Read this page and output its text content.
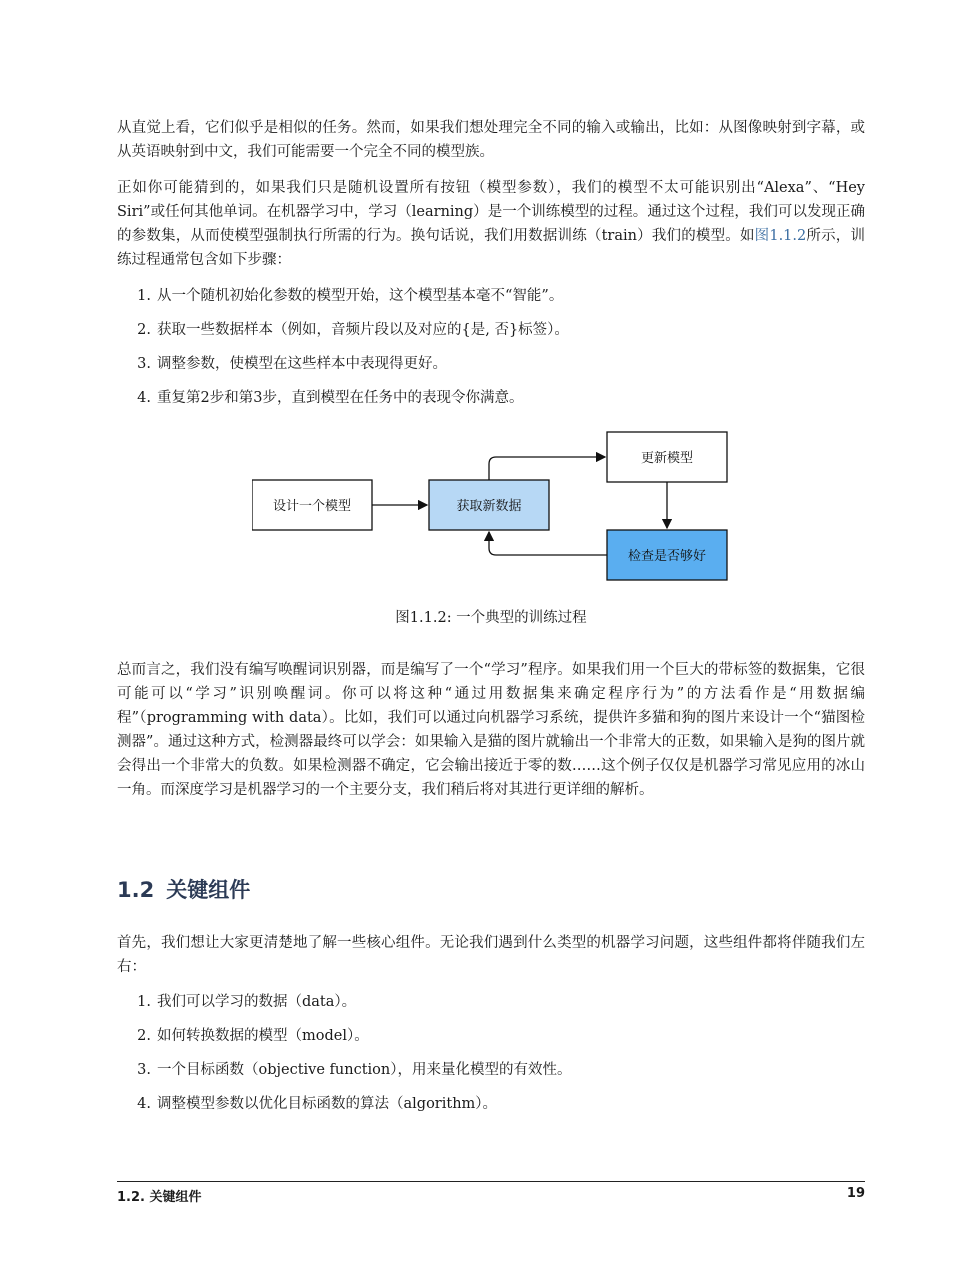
从直觉上看，它们似乎是相似的任务。然而，如果我们想处理完全不同的输入或输出，比如：从图像映射到字幕，或从英语映射到中文，我们可能需要一个完全不同的模型族。

正如你可能猜到的，如果我们只是随机设置所有按钮（模型参数），我们的模型不太可能识别出“Alexa”、“Hey Siri”或任何其他单词。在机器学习中，学习（learning）是一个训练模型的过程。通过这个过程，我们可以发现正确的参数集，从而使模型强制执行所需的行为。换句话说，我们用数据训练（train）我们的模型。如图1.1.2所示，训练过程通常包含如下步骤：

1. 从一个随机初始化参数的模型开始，这个模型基本毫不“智能”。
2. 获取一些数据样本（例如，音频片段以及对应的{是, 否}标签）。
3. 调整参数，使模型在这些样本中表现得更好。
4. 重复第2步和第3步，直到模型在任务中的表现令你满意。
设计一个模型	获取新数据
更新模型
检查是否够好
图1.1.2: 一个典型的训练过程

总而言之，我们没有编写唤醒词识别器，而是编写了一个“学习”程序。如果我们用一个巨大的带标签的数据集，它很可能可以“学习”识别唤醒词。你可以将这种“通过用数据集来确定程序行为”的方法看作是“用数据编程”（programming with data）。比如，我们可以通过向机器学习系统，提供许多猫和狗的图片来设计一个“猫图检测器”。通过这种方式，检测器最终可以学会：如果输入是猫的图片就输出一个非常大的正数，如果输入是狗的图片就会得出一个非常大的负数。如果检测器不确定，它会输出接近于零的数……这个例子仅仅是机器学习常见应用的冰山一角。而深度学习是机器学习的一个主要分支，我们稍后将对其进行更详细的解析。

1.2 关键组件

首先，我们想让大家更清楚地了解一些核心组件。无论我们遇到什么类型的机器学习问题，这些组件都将伴随我们左右：

1. 我们可以学习的数据（data）。
2. 如何转换数据的模型（model）。
3. 一个目标函数（objective function），用来量化模型的有效性。
4. 调整模型参数以优化目标函数的算法（algorithm）。
1.2. 关键组件	19
